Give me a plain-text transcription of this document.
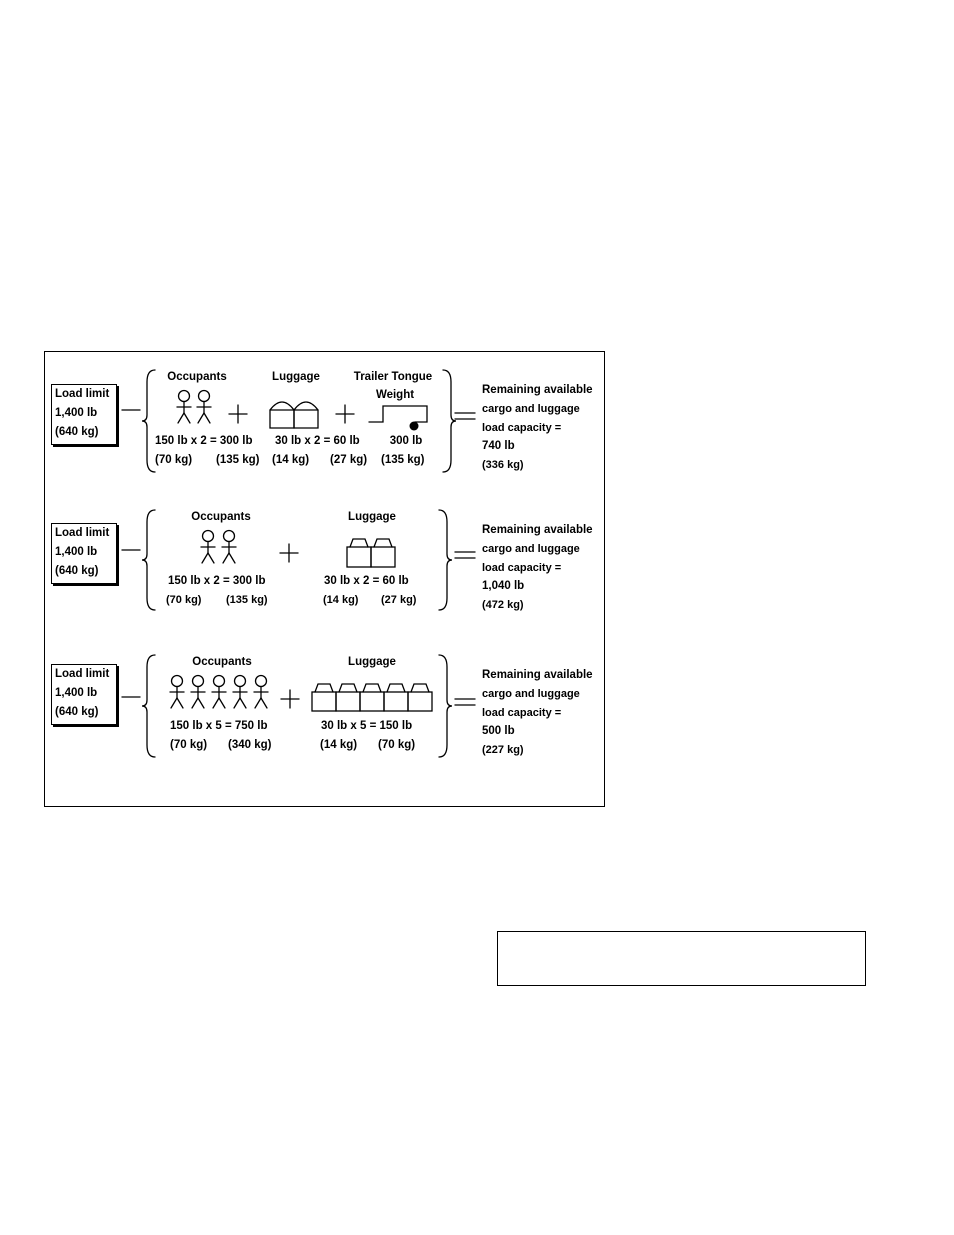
Load limit
1,400 lb
(640 kg)
Occupants	Luggage	Trailer Tongue
Weight
150 lb x 2 = 300 lb 30 lb x 2 = 60 lb	300 lb
(70 kg) (135 kg) (14 kg) (27 kg) (135 kg)
Remaining available
cargo and luggage
load capacity =
740 lb
(336 kg)
Load limit
1,400 lb
(640 kg)
Occupants	Luggage
150 lb x 2 = 300 lb	30 lb x 2 = 60 lb
(70 kg) (135 kg)	(14 kg) (27 kg)
Remaining available
cargo and luggage
load capacity =
1,040 lb
(472 kg)
Load limit
1,400 lb
(640 kg)
Occupants	Luggage
150 lb x 5 = 750 lb	30 lb x 5 = 150 lb
(70 kg) (340 kg)	(14 kg) (70 kg)
Remaining available
cargo and luggage
load capacity =
500 lb
(227 kg)
